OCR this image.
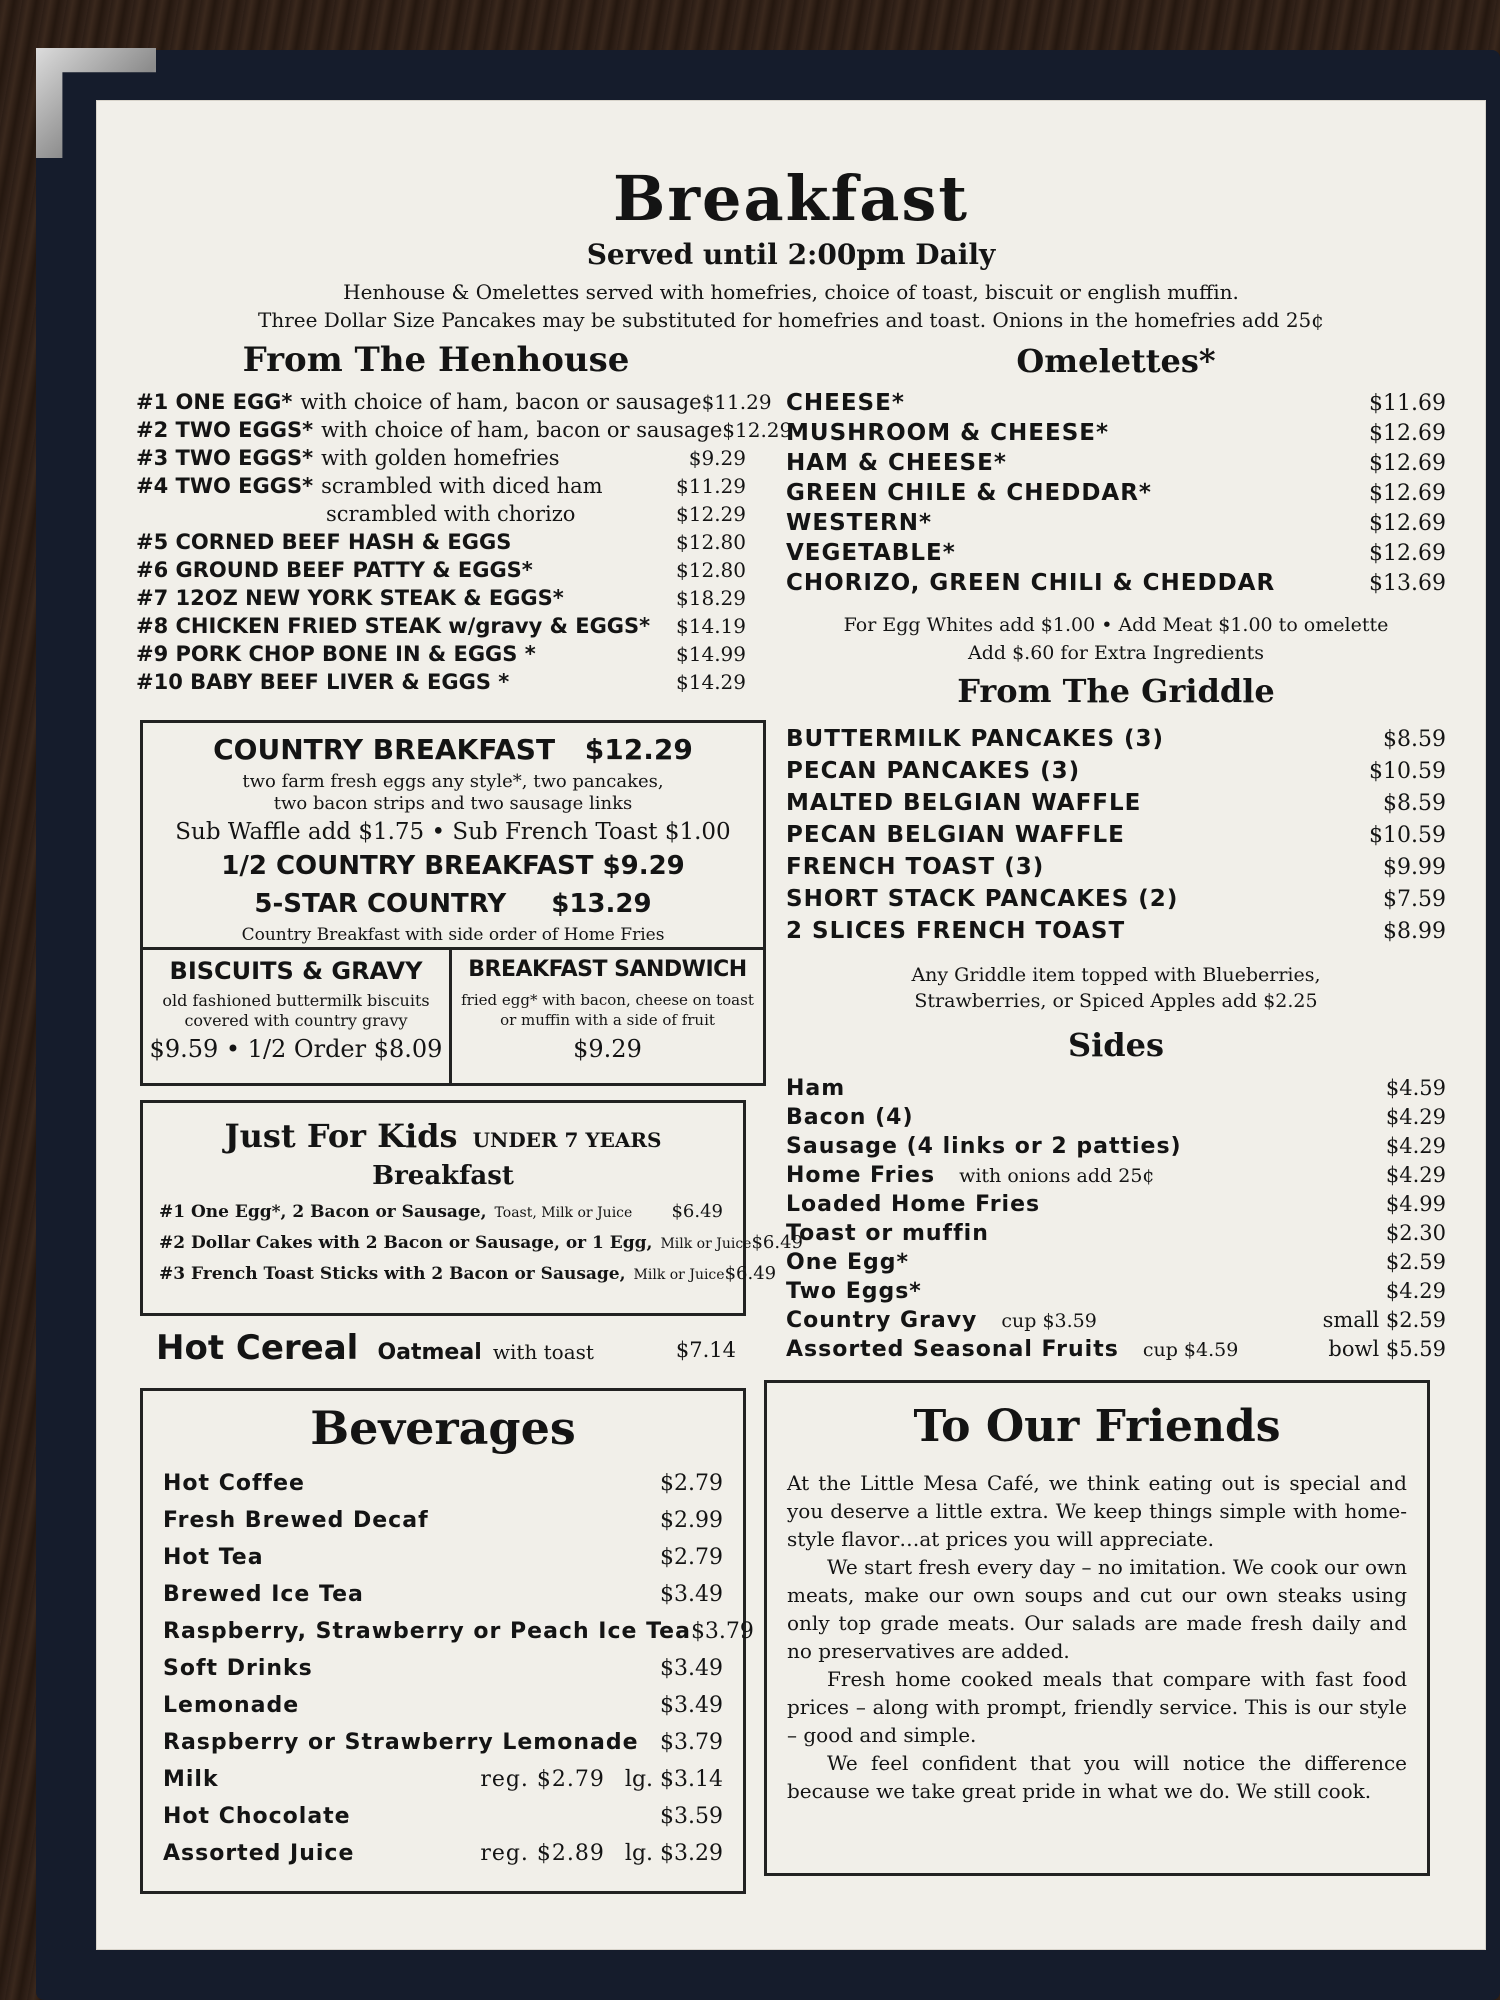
Breakfast
Served until 2:00pm Daily
Henhouse & Omelettes served with homefries, choice of toast, biscuit or english muffin.
Three Dollar Size Pancakes may be substituted for homefries and toast. Onions in the homefries add 25¢
From The Henhouse
#1 ONE EGG* with choice of ham, bacon or sausage $11.29
#2 TWO EGGS* with choice of ham, bacon or sausage $12.29
#3 TWO EGGS* with golden homefries	$9.29
#4 TWO EGGS* scrambled with diced ham	$11.29
scrambled with chorizo	$12.29
#5 CORNED BEEF HASH & EGGS	$12.80
#6 GROUND BEEF PATTY & EGGS*	$12.80
#7 12OZ NEW YORK STEAK & EGGS*	$18.29
#8 CHICKEN FRIED STEAK w/gravy & EGGS* $14.19
#9 PORK CHOP BONE IN & EGGS *	$14.99
#10 BABY BEEF LIVER & EGGS *	$14.29
COUNTRY BREAKFAST $12.29
two farm fresh eggs any style*, two pancakes,
two bacon strips and two sausage links
Sub Waffle add $1.75 • Sub French Toast $1.00
1/2 COUNTRY BREAKFAST $9.29
5-STAR COUNTRY $13.29
Country Breakfast with side order of Home Fries
BISCUITS & GRAVY
old fashioned buttermilk biscuits
covered with country gravy
$9.59 • 1/2 Order $8.09
BREAKFAST SANDWICH
fried egg* with bacon, cheese on toast
or muffin with a side of fruit
$9.29
Just For Kids UNDER 7 YEARS
Breakfast
#1 One Egg*, 2 Bacon or Sausage, Toast, Milk or Juice $6.49
#2 Dollar Cakes with 2 Bacon or Sausage, or 1 Egg, Milk or Juice $6.49
#3 French Toast Sticks with 2 Bacon or Sausage, Milk or Juice $6.49
Hot Cereal Oatmeal with toast	$7.14
Beverages
Hot Coffee	$2.79
Fresh Brewed Decaf	$2.99
Hot Tea	$2.79
Brewed Ice Tea	$3.49
Raspberry, Strawberry or Peach Ice Tea $3.79
Soft Drinks	$3.49
Lemonade	$3.49
Raspberry or Strawberry Lemonade $3.79
Milk	reg. $2.79 lg. $3.14
Hot Chocolate	$3.59
Assorted Juice	reg. $2.89 lg. $3.29
Omelettes*
CHEESE*	$11.69
MUSHROOM & CHEESE*	$12.69
HAM & CHEESE*	$12.69
GREEN CHILE & CHEDDAR*	$12.69
WESTERN*	$12.69
VEGETABLE*	$12.69
CHORIZO, GREEN CHILI & CHEDDAR	$13.69
For Egg Whites add $1.00 • Add Meat $1.00 to omelette
Add $.60 for Extra Ingredients
From The Griddle
BUTTERMILK PANCAKES (3)	$8.59
PECAN PANCAKES (3)	$10.59
MALTED BELGIAN WAFFLE	$8.59
PECAN BELGIAN WAFFLE	$10.59
FRENCH TOAST (3)	$9.99
SHORT STACK PANCAKES (2)	$7.59
2 SLICES FRENCH TOAST	$8.99
Any Griddle item topped with Blueberries,
Strawberries, or Spiced Apples add $2.25
Sides
Ham	$4.59
Bacon (4)	$4.29
Sausage (4 links or 2 patties)	$4.29
Home Fries with onions add 25¢	$4.29
Loaded Home Fries	$4.99
Toast or muffin	$2.30
One Egg*	$2.59
Two Eggs*	$4.29
Country Gravy cup $3.59	small $2.59
Assorted Seasonal Fruits cup $4.59	bowl $5.59
To Our Friends

At the Little Mesa Café, we think eating out is special and you deserve a little extra. We keep things simple with home-style flavor…at prices you will appreciate.

We start fresh every day – no imitation. We cook our own meats, make our own soups and cut our own steaks using only top grade meats. Our salads are made fresh daily and no preservatives are added.

Fresh home cooked meals that compare with fast food prices – along with prompt, friendly service. This is our style – good and simple.

We feel confident that you will notice the difference because we take great pride in what we do. We still cook.
